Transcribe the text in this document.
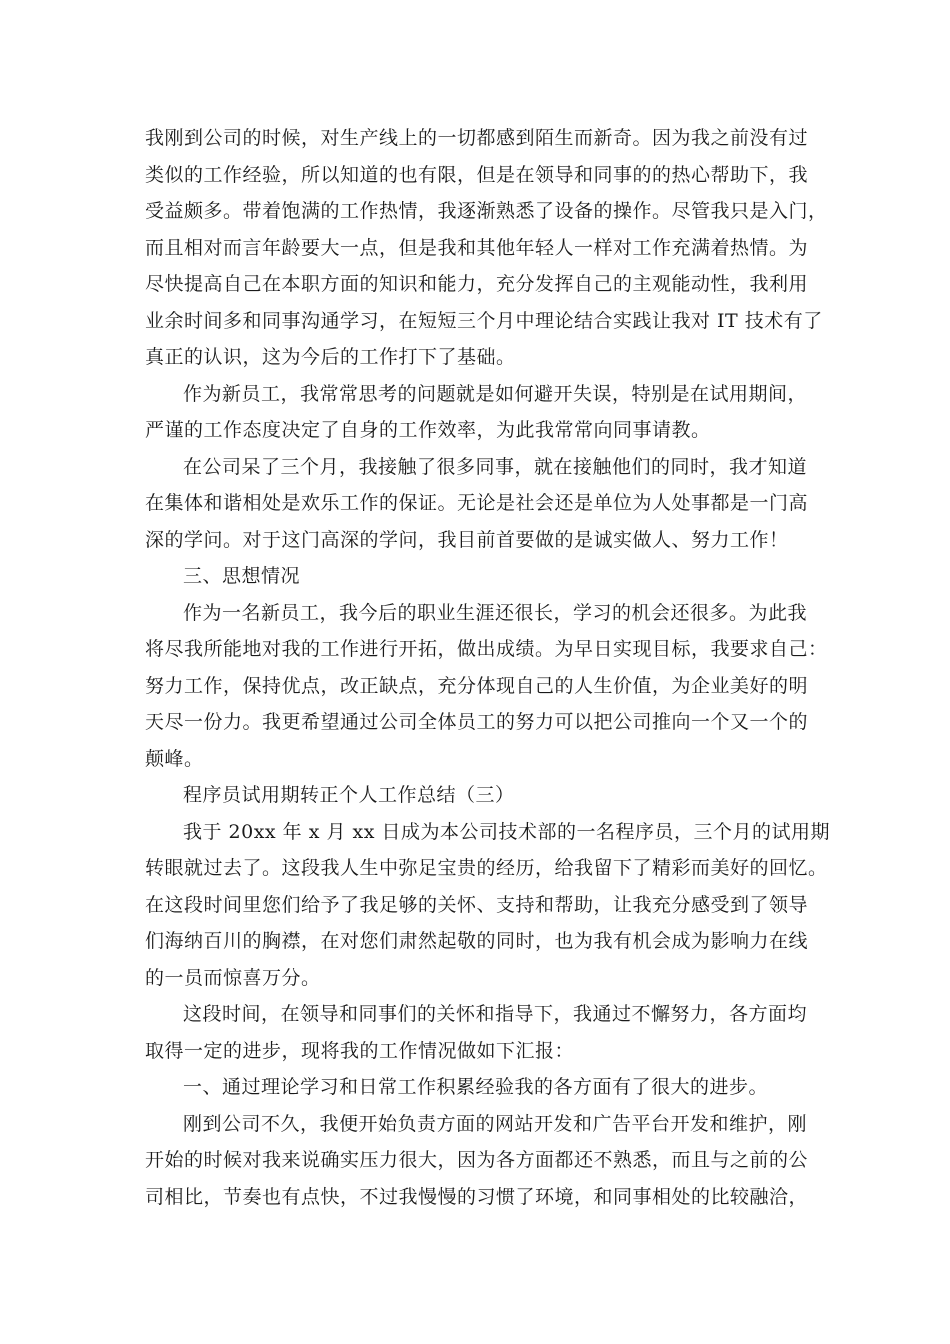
我刚到公司的时候，对生产线上的一切都感到陌生而新奇。因为我之前没有过
类似的工作经验，所以知道的也有限，但是在领导和同事的的热心帮助下，我
受益颇多。带着饱满的工作热情，我逐渐熟悉了设备的操作。尽管我只是入门，
而且相对而言年龄要大一点，但是我和其他年轻人一样对工作充满着热情。为
尽快提高自己在本职方面的知识和能力，充分发挥自己的主观能动性，我利用
业余时间多和同事沟通学习，在短短三个月中理论结合实践让我对 IT 技术有了
真正的认识，这为今后的工作打下了基础。
作为新员工，我常常思考的问题就是如何避开失误，特别是在试用期间，
严谨的工作态度决定了自身的工作效率，为此我常常向同事请教。
在公司呆了三个月，我接触了很多同事，就在接触他们的同时，我才知道
在集体和谐相处是欢乐工作的保证。无论是社会还是单位为人处事都是一门高
深的学问。对于这门高深的学问，我目前首要做的是诚实做人、努力工作！
三、思想情况
作为一名新员工，我今后的职业生涯还很长，学习的机会还很多。为此我
将尽我所能地对我的工作进行开拓，做出成绩。为早日实现目标，我要求自己：
努力工作，保持优点，改正缺点，充分体现自己的人生价值，为企业美好的明
天尽一份力。我更希望通过公司全体员工的努力可以把公司推向一个又一个的
颠峰。
程序员试用期转正个人工作总结（三）
我于 20xx 年 x 月 xx 日成为本公司技术部的一名程序员，三个月的试用期
转眼就过去了。这段我人生中弥足宝贵的经历，给我留下了精彩而美好的回忆。
在这段时间里您们给予了我足够的关怀、支持和帮助，让我充分感受到了领导
们海纳百川的胸襟，在对您们肃然起敬的同时，也为我有机会成为影响力在线
的一员而惊喜万分。
这段时间，在领导和同事们的关怀和指导下，我通过不懈努力，各方面均
取得一定的进步，现将我的工作情况做如下汇报：
一、通过理论学习和日常工作积累经验我的各方面有了很大的进步。
刚到公司不久，我便开始负责方面的网站开发和广告平台开发和维护，刚
开始的时候对我来说确实压力很大，因为各方面都还不熟悉，而且与之前的公
司相比，节奏也有点快，不过我慢慢的习惯了环境，和同事相处的比较融洽，
